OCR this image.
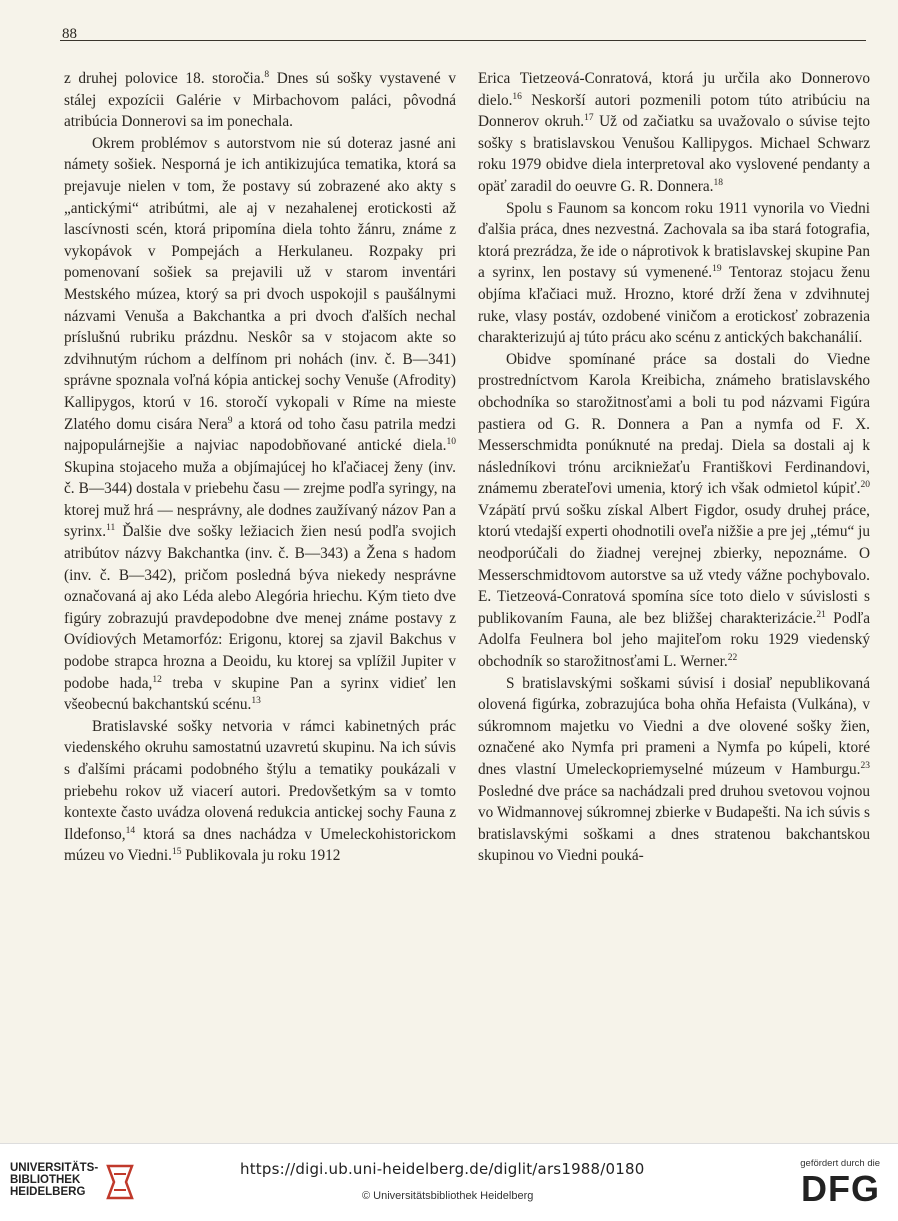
88

z druhej polovice 18. storočia.$^8$ Dnes sú sošky vystavené v stálej expozícii Galérie v Mirbachovom paláci, pôvodná atribúcia Donnerovi sa im ponechala.

Okrem problémov s autorstvom nie sú doteraz jasné ani námety sošiek. Nesporná je ich antikizujúca tematika, ktorá sa prejavuje nielen v tom, že postavy sú zobrazené ako akty s „antickými“ atribútmi, ale aj v nezahalenej erotickosti až lascívnosti scén, ktorá pripomína diela tohto žánru, známe z vykopávok v Pompejách a Herkulaneu. Rozpaky pri pomenovaní sošiek sa prejavili už v starom inventári Mestského múzea, ktorý sa pri dvoch uspokojil s paušálnymi názvami Venuša a Bakchantka a pri dvoch ďalších nechal príslušnú rubriku prázdnu. Neskôr sa v stojacom akte so zdvihnutým rúchom a delfínom pri nohách (inv. č. B—341) správne spoznala voľná kópia antickej sochy Venuše (Afrodity) Kallipygos, ktorú v 16. storočí vykopali v Ríme na mieste Zlatého domu cisára Nera$^9$ a ktorá od toho času patrila medzi najpopulárnejšie a najviac napodobňované antické diela.$^{10}$ Skupina stojaceho muža a objímajúcej ho kľačiacej ženy (inv. č. B—344) dostala v priebehu času — zrejme podľa syringy, na ktorej muž hrá — nesprávny, ale dodnes zaužívaný názov Pan a syrinx.$^{11}$ Ďalšie dve sošky ležiacich žien nesú podľa svojich atribútov názvy Bakchantka (inv. č. B—343) a Žena s hadom (inv. č. B—342), pričom posledná býva niekedy nesprávne označovaná aj ako Léda alebo Alegória hriechu. Kým tieto dve figúry zobrazujú pravdepodobne dve menej známe postavy z Ovídiových Metamorfóz: Erigonu, ktorej sa zjavil Bakchus v podobe strapca hrozna a Deoidu, ku ktorej sa vplížil Jupiter v podobe hada,$^{12}$ treba v skupine Pan a syrinx vidieť len všeobecnú bakchantskú scénu.$^{13}$

Bratislavské sošky netvoria v rámci kabinetných prác viedenského okruhu samostatnú uzavretú skupinu. Na ich súvis s ďalšími prácami podobného štýlu a tematiky poukázali v priebehu rokov už viacerí autori. Predovšetkým sa v tomto kontexte často uvádza olovená redukcia antickej sochy Fauna z Ildefonso,$^{14}$ ktorá sa dnes nachádza v Umeleckohistorickom múzeu vo Viedni.$^{15}$ Publikovala ju roku 1912

Erica Tietzeová-Conratová, ktorá ju určila ako Donnerovo dielo.$^{16}$ Neskorší autori pozmenili potom túto atribúciu na Donnerov okruh.$^{17}$ Už od začiatku sa uvažovalo o súvise tejto sošky s bratislavskou Venušou Kallipygos. Michael Schwarz roku 1979 obidve diela interpretoval ako vyslovené pendanty a opäť zaradil do oeuvre G. R. Donnera.$^{18}$

Spolu s Faunom sa koncom roku 1911 vynorila vo Viedni ďalšia práca, dnes nezvestná. Zachovala sa iba stará fotografia, ktorá prezrádza, že ide o náprotivok k bratislavskej skupine Pan a syrinx, len postavy sú vymenené.$^{19}$ Tentoraz stojacu ženu objíma kľačiaci muž. Hrozno, ktoré drží žena v zdvihnutej ruke, vlasy postáv, ozdobené viničom a erotickosť zobrazenia charakterizujú aj túto prácu ako scénu z antických bakchanálií.

Obidve spomínané práce sa dostali do Viedne prostredníctvom Karola Kreibicha, známeho bratislavského obchodníka so starožitnosťami a boli tu pod názvami Figúra pastiera od G. R. Donnera a Pan a nymfa od F. X. Messerschmidta ponúknuté na predaj. Diela sa dostali aj k následníkovi trónu arcikniežaťu Františkovi Ferdinandovi, známemu zberateľovi umenia, ktorý ich však odmietol kúpiť.$^{20}$ Vzápätí prvú sošku získal Albert Figdor, osudy druhej práce, ktorú vtedajší experti ohodnotili oveľa nižšie a pre jej „tému“ ju neodporúčali do žiadnej verejnej zbierky, nepoznáme. O Messerschmidtovom autorstve sa už vtedy vážne pochybovalo. E. Tietzeová-Conratová spomína síce toto dielo v súvislosti s publikovaním Fauna, ale bez bližšej charakterizácie.$^{21}$ Podľa Adolfa Feulnera bol jeho majiteľom roku 1929 viedenský obchodník so starožitnosťami L. Werner.$^{22}$

S bratislavskými soškami súvisí i dosiaľ nepublikovaná olovená figúrka, zobrazujúca boha ohňa Hefaista (Vulkána), v súkromnom majetku vo Viedni a dve olovené sošky žien, označené ako Nymfa pri prameni a Nymfa po kúpeli, ktoré dnes vlastní Umeleckopriemyselné múzeum v Hamburgu.$^{23}$ Posledné dve práce sa nachádzali pred druhou svetovou vojnou vo Widmannovej súkromnej zbierke v Budapešti. Na ich súvis s bratislavskými soškami a dnes stratenou bakchantskou skupinou vo Viedni pouká‑

UNIVERSITÄTS-
BIBLIOTHEK
HEIDELBERG
https://digi.ub.uni-heidelberg.de/diglit/ars1988/0180
© Universitätsbibliothek Heidelberg
gefördert durch die
DFG
